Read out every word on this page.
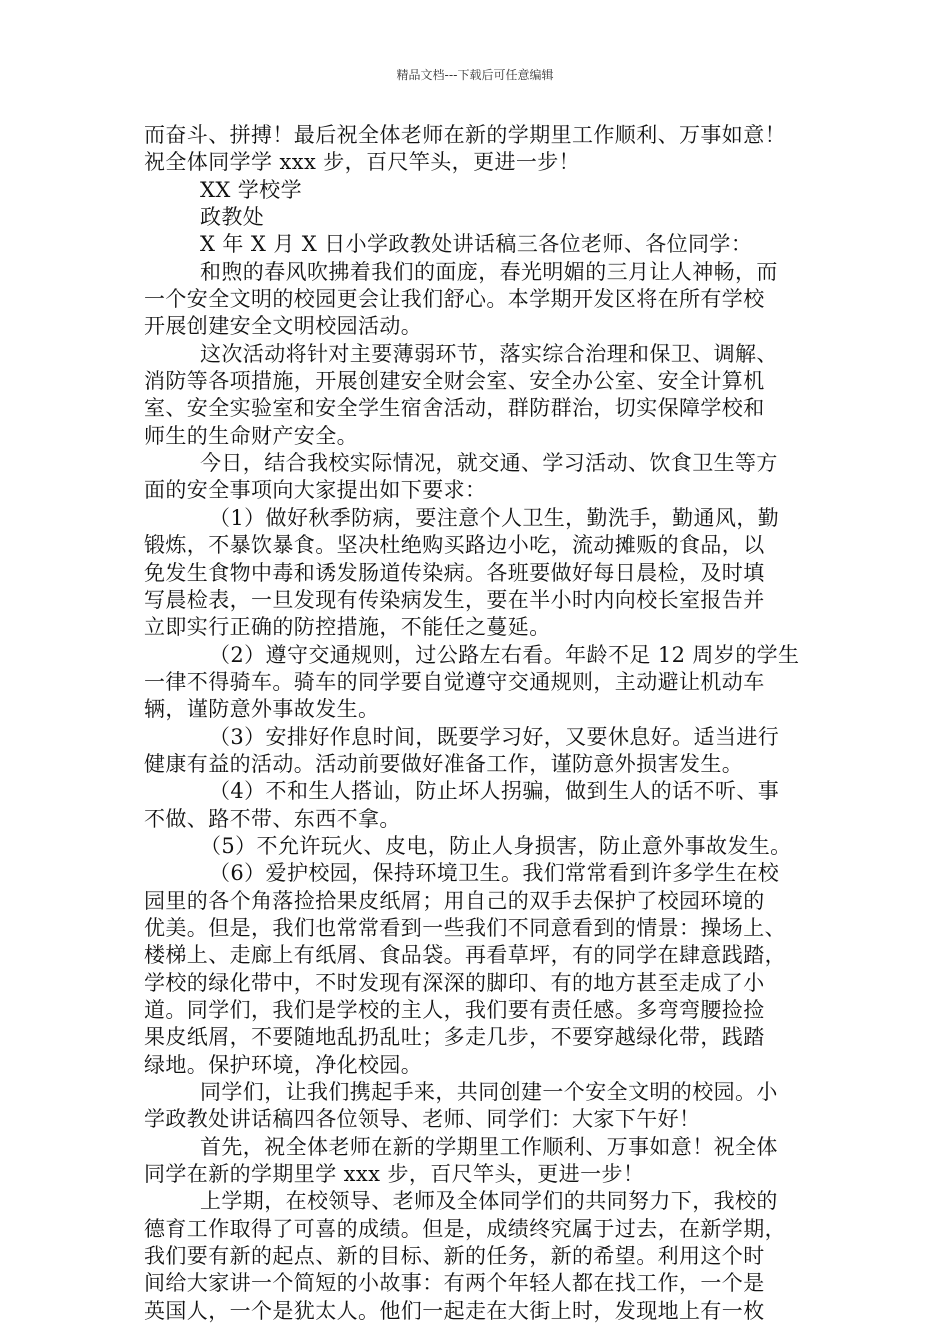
精品文档---下载后可任意编辑
而奋斗、拼搏！最后祝全体老师在新的学期里工作顺利、万事如意！
祝全体同学学 xxx 步，百尺竿头，更进一步！
XX 学校学
政教处
X 年 X 月 X 日小学政教处讲话稿三各位老师、各位同学：
和煦的春风吹拂着我们的面庞，春光明媚的三月让人神畅，而
一个安全文明的校园更会让我们舒心。本学期开发区将在所有学校
开展创建安全文明校园活动。
这次活动将针对主要薄弱环节，落实综合治理和保卫、调解、
消防等各项措施，开展创建安全财会室、安全办公室、安全计算机
室、安全实验室和安全学生宿舍活动，群防群治，切实保障学校和
师生的生命财产安全。
今日，结合我校实际情况，就交通、学习活动、饮食卫生等方
面的安全事项向大家提出如下要求：
（1）做好秋季防病，要注意个人卫生，勤洗手，勤通风，勤
锻炼，不暴饮暴食。坚决杜绝购买路边小吃，流动摊贩的食品，以
免发生食物中毒和诱发肠道传染病。各班要做好每日晨检，及时填
写晨检表，一旦发现有传染病发生，要在半小时内向校长室报告并
立即实行正确的防控措施，不能任之蔓延。
（2）遵守交通规则，过公路左右看。年龄不足 12 周岁的学生
一律不得骑车。骑车的同学要自觉遵守交通规则，主动避让机动车
辆，谨防意外事故发生。
（3）安排好作息时间，既要学习好，又要休息好。适当进行
健康有益的活动。活动前要做好准备工作，谨防意外损害发生。
（4）不和生人搭讪，防止坏人拐骗，做到生人的话不听、事
不做、路不带、东西不拿。
（5）不允许玩火、皮电，防止人身损害，防止意外事故发生。
（6）爱护校园，保持环境卫生。我们常常看到许多学生在校
园里的各个角落捡拾果皮纸屑；用自己的双手去保护了校园环境的
优美。但是，我们也常常看到一些我们不同意看到的情景：操场上、
楼梯上、走廊上有纸屑、食品袋。再看草坪，有的同学在肆意践踏，
学校的绿化带中，不时发现有深深的脚印、有的地方甚至走成了小
道。同学们，我们是学校的主人，我们要有责任感。多弯弯腰捡捡
果皮纸屑，不要随地乱扔乱吐；多走几步，不要穿越绿化带，践踏
绿地。保护环境，净化校园。
同学们，让我们携起手来，共同创建一个安全文明的校园。小
学政教处讲话稿四各位领导、老师、同学们：大家下午好！
首先，祝全体老师在新的学期里工作顺利、万事如意！祝全体
同学在新的学期里学 xxx 步，百尺竿头，更进一步！
上学期，在校领导、老师及全体同学们的共同努力下，我校的
德育工作取得了可喜的成绩。但是，成绩终究属于过去，在新学期，
我们要有新的起点、新的目标、新的任务，新的希望。利用这个时
间给大家讲一个简短的小故事：有两个年轻人都在找工作，一个是
英国人，一个是犹太人。他们一起走在大街上时，发现地上有一枚
